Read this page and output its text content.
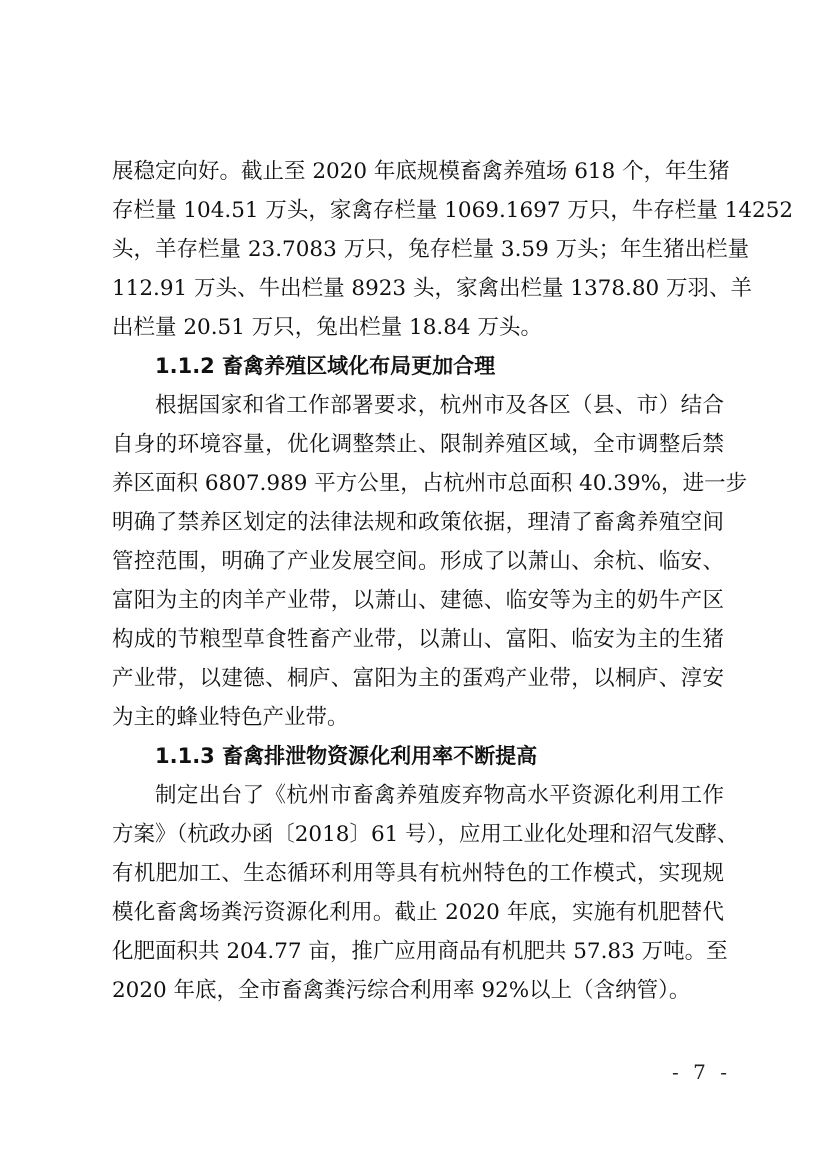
展稳定向好。截止至 2020 年底规模畜禽养殖场 618 个，年生猪
存栏量 104.51 万头，家禽存栏量 1069.1697 万只，牛存栏量 14252
头，羊存栏量 23.7083 万只，兔存栏量 3.59 万头；年生猪出栏量
112.91 万头、牛出栏量 8923 头，家禽出栏量 1378.80 万羽、羊
出栏量 20.51 万只，兔出栏量 18.84 万头。
1.1.2 畜禽养殖区域化布局更加合理
根据国家和省工作部署要求，杭州市及各区（县、市）结合
自身的环境容量，优化调整禁止、限制养殖区域，全市调整后禁
养区面积 6807.989 平方公里，占杭州市总面积 40.39%，进一步
明确了禁养区划定的法律法规和政策依据，理清了畜禽养殖空间
管控范围，明确了产业发展空间。形成了以萧山、余杭、临安、
富阳为主的肉羊产业带，以萧山、建德、临安等为主的奶牛产区
构成的节粮型草食牲畜产业带，以萧山、富阳、临安为主的生猪
产业带，以建德、桐庐、富阳为主的蛋鸡产业带，以桐庐、淳安
为主的蜂业特色产业带。
1.1.3 畜禽排泄物资源化利用率不断提高
制定出台了《杭州市畜禽养殖废弃物高水平资源化利用工作
方案》（杭政办函〔2018〕61 号），应用工业化处理和沼气发酵、
有机肥加工、生态循环利用等具有杭州特色的工作模式，实现规
模化畜禽场粪污资源化利用。截止 2020 年底，实施有机肥替代
化肥面积共 204.77 亩，推广应用商品有机肥共 57.83 万吨。至
2020 年底，全市畜禽粪污综合利用率 92%以上（含纳管）。
- 7 -
